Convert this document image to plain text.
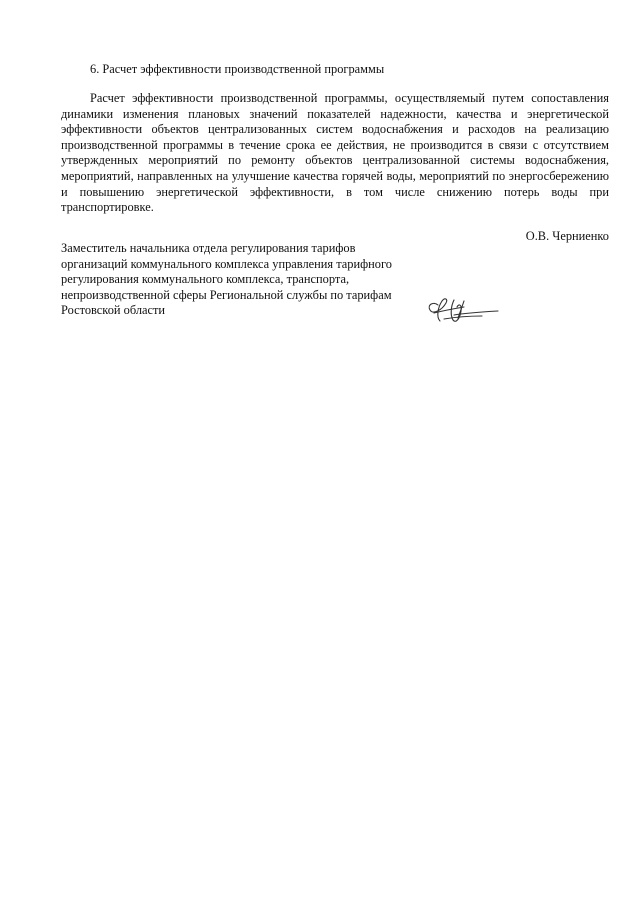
6. Расчет эффективности производственной программы

Расчет эффективности производственной программы, осуществляемый путем сопоставления динамики изменения плановых значений показателей надежности, качества и энергетической эффективности объектов централизованных систем водоснабжения и расходов на реализацию производственной программы в течение срока ее действия, не производится в связи с отсутствием утвержденных мероприятий по ремонту объектов централизованной системы водоснабжения, мероприятий, направленных на улучшение качества горячей воды, мероприятий по энергосбережению и повышению энергетической эффективности, в том числе снижению потерь воды при транспортировке.

О.В. Черниенко
Заместитель начальника отдела регулирования тарифов
организаций коммунального комплекса управления тарифного
регулирования коммунального комплекса, транспорта,
непроизводственной сферы Региональной службы по тарифам
Ростовской области
